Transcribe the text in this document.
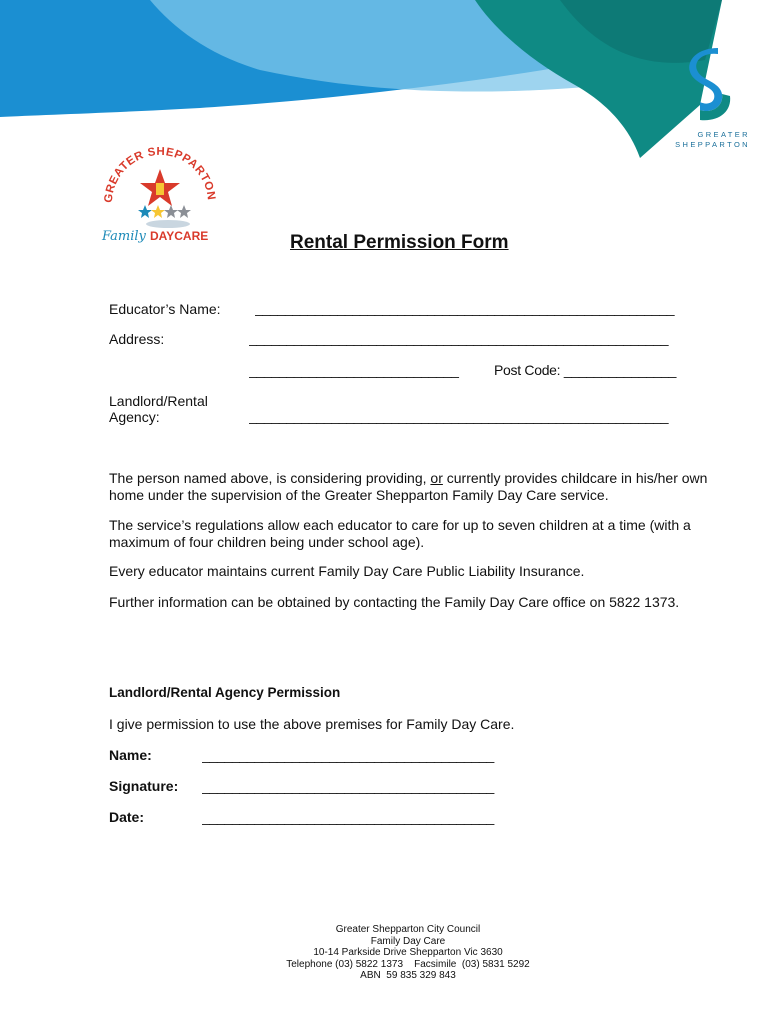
GREATER
SHEPPARTON
GREATER SHEPPARTON
Family DAYCARE	Rental Permission Form
Educator’s Name: ________________________________________________________
Address:	________________________________________________________
____________________________	Post Code: _______________
Landlord/Rental
Agency:	________________________________________________________
The person named above, is considering providing, or currently provides childcare in his/her own home under the supervision of the Greater Shepparton Family Day Care service.
The service’s regulations allow each educator to care for up to seven children at a time (with a maximum of four children being under school age).
Every educator maintains current Family Day Care Public Liability Insurance.
Further information can be obtained by contacting the Family Day Care office on 5822 1373.
Landlord/Rental Agency Permission
I give permission to use the above premises for Family Day Care.
Name:	_______________________________________
Signature: _______________________________________
Date:	_______________________________________
Greater Shepparton City Council
Family Day Care
10-14 Parkside Drive Shepparton Vic 3630
Telephone (03) 5822 1373    Facsimile  (03) 5831 5292
ABN  59 835 329 843
